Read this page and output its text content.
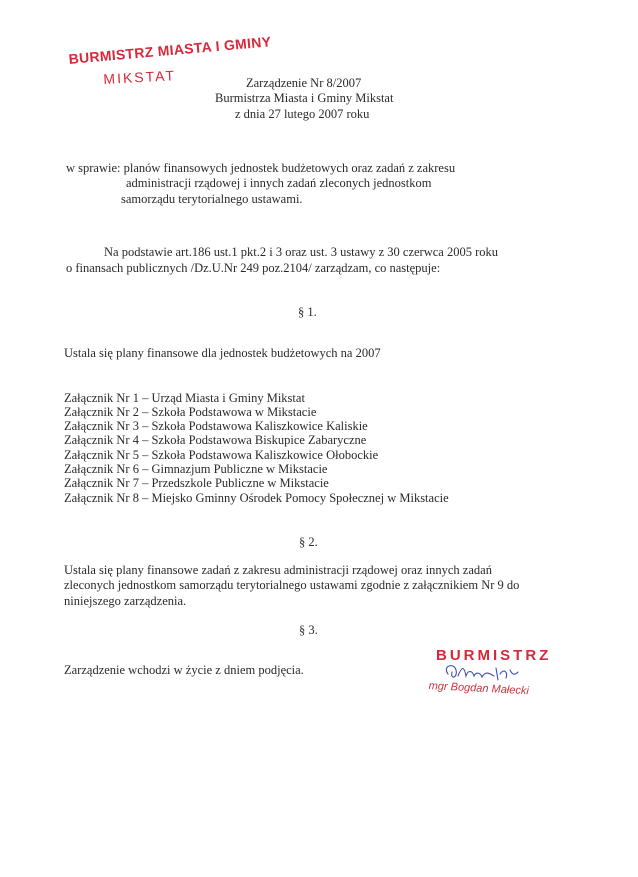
BURMISTRZ MIASTA I GMINY
MIKSTAT	Zarządzenie Nr 8/2007
Burmistrza Miasta i Gminy Mikstat
z dnia 27 lutego 2007 roku
w sprawie: planów finansowych jednostek budżetowych oraz zadań z zakresu
administracji rządowej i innych zadań zleconych jednostkom
samorządu terytorialnego ustawami.
Na podstawie art.186 ust.1 pkt.2 i 3 oraz ust. 3 ustawy z 30 czerwca 2005 roku
o finansach publicznych /Dz.U.Nr 249 poz.2104/ zarządzam, co następuje:
§ 1.
Ustala się plany finansowe dla jednostek budżetowych na 2007
Załącznik Nr 1 – Urząd Miasta i Gminy Mikstat
Załącznik Nr 2 – Szkoła Podstawowa w Mikstacie
Załącznik Nr 3 – Szkoła Podstawowa Kaliszkowice Kaliskie
Załącznik Nr 4 – Szkoła Podstawowa Biskupice Zabaryczne
Załącznik Nr 5 – Szkoła Podstawowa Kaliszkowice Ołobockie
Załącznik Nr 6 – Gimnazjum Publiczne w Mikstacie
Załącznik Nr 7 – Przedszkole Publiczne w Mikstacie
Załącznik Nr 8 – Miejsko Gminny Ośrodek Pomocy Społecznej w Mikstacie
§ 2.
Ustala się plany finansowe zadań z zakresu administracji rządowej oraz innych zadań
zleconych jednostkom samorządu terytorialnego ustawami zgodnie z załącznikiem Nr 9 do
niniejszego zarządzenia.
§ 3.
Zarządzenie wchodzi w życie z dniem podjęcia.
BURMISTRZ
mgr Bogdan Małecki
